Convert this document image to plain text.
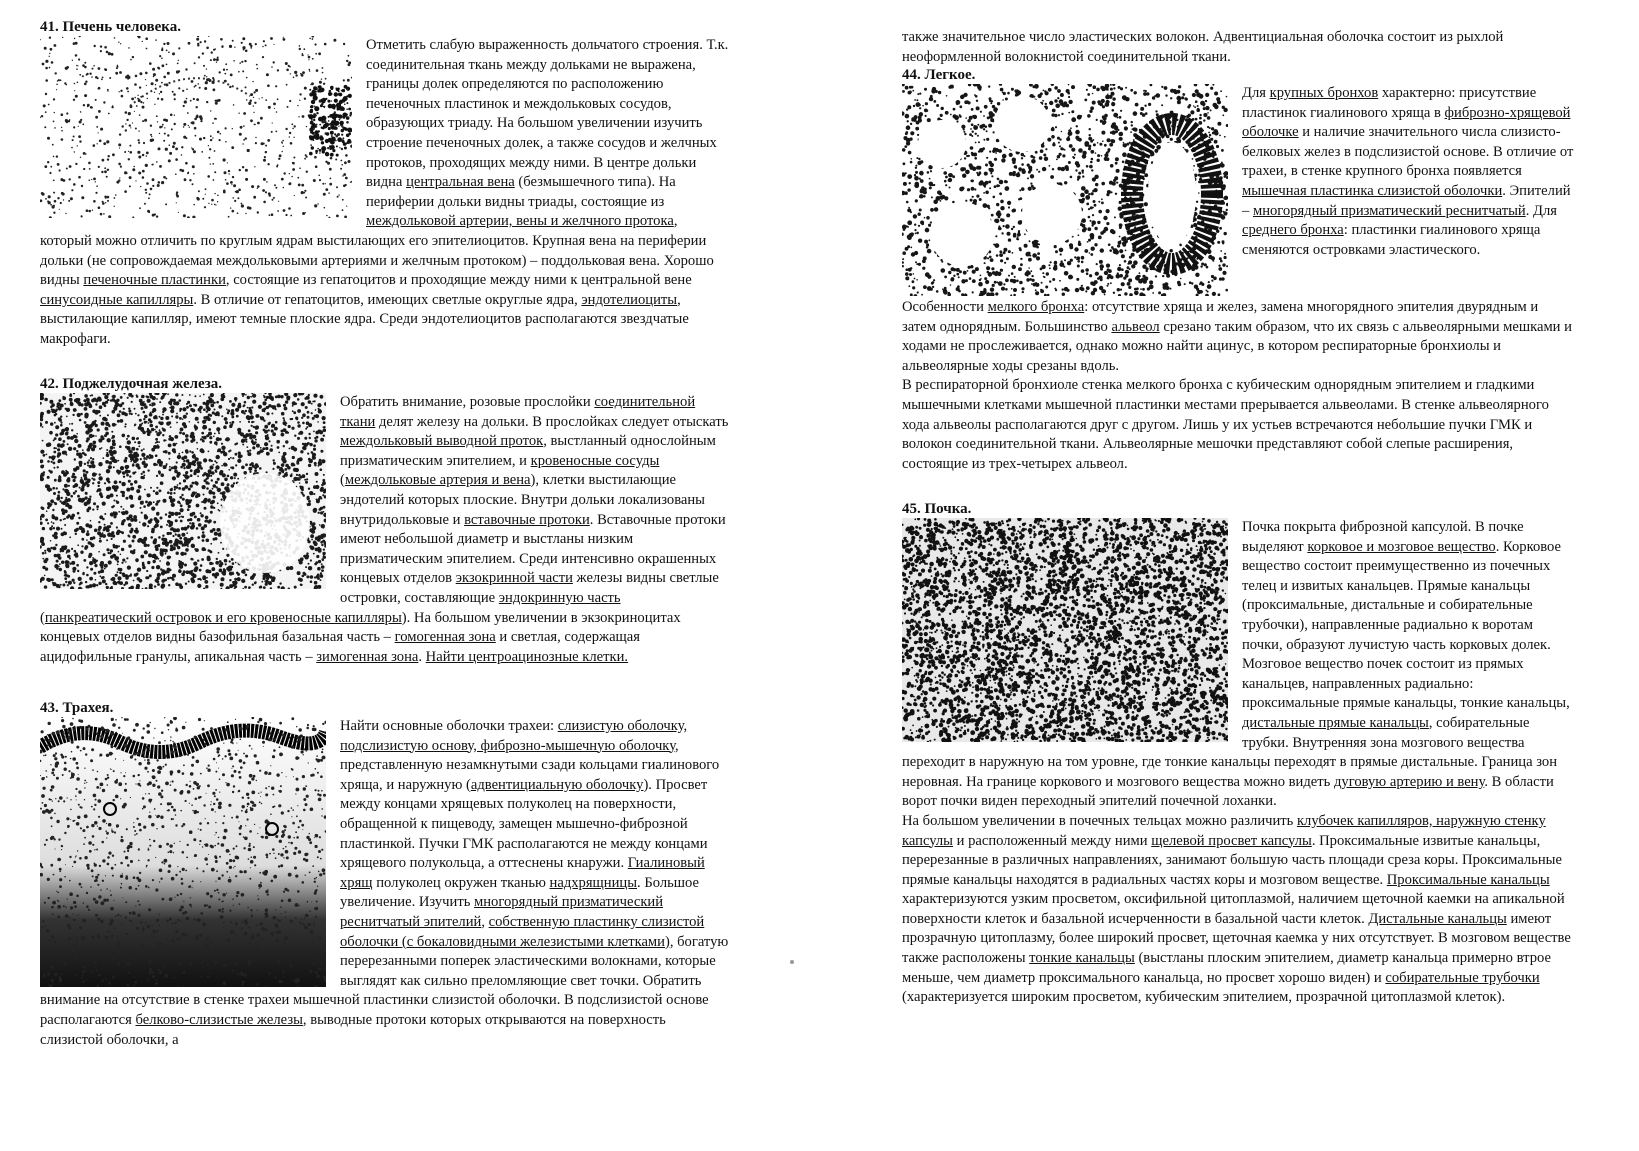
41. Печень человека.

Отметить слабую выраженность дольчатого строения. Т.к. соединительная ткань между дольками не выражена, границы долек определяются по расположению печеночных пластинок и междольковых сосудов, образующих триаду. На большом увеличении изучить строение печеночных долек, а также сосудов и желчных протоков, проходящих между ними. В центре дольки видна центральная вена (безмышечного типа). На периферии дольки видны триады, состоящие из междольковой артерии, вены и желчного протока, который можно отличить по круглым ядрам выстилающих его эпителиоцитов. Крупная вена на периферии дольки (не сопровождаемая междольковыми артериями и желчным протоком) – поддольковая вена. Хорошо видны печеночные пластинки, состоящие из гепатоцитов и проходящие между ними к центральной вене синусоидные капилляры. В отличие от гепатоцитов, имеющих светлые округлые ядра, эндотелиоциты, выстилающие капилляр, имеют темные плоские ядра. Среди эндотелиоцитов располагаются звездчатые макрофаги.

42. Поджелудочная железа.

Обратить внимание, розовые прослойки соединительной ткани делят железу на дольки. В прослойках следует отыскать междольковый выводной проток, выстланный однослойным призматическим эпителием, и кровеносные сосуды (междольковые артерия и вена), клетки выстилающие эндотелий которых плоские. Внутри дольки локализованы внутридольковые и вставочные протоки. Вставочные протоки имеют небольшой диаметр и выстланы низким призматическим эпителием. Среди интенсивно окрашенных концевых отделов экзокринной части железы видны светлые островки, составляющие эндокринную часть (панкреатический островок и его кровеносные капилляры). На большом увеличении в экзокриноцитах концевых отделов видны базофильная базальная часть – гомогенная зона и светлая, содержащая ацидофильные гранулы, апикальная часть – зимогенная зона. Найти центроацинозные клетки.

43. Трахея.

Найти основные оболочки трахеи: слизистую оболочку, подслизистую основу, фиброзно-мышечную оболочку, представленную незамкнутыми сзади кольцами гиалинового хряща, и наружную (адвентициальную оболочку). Просвет между концами хрящевых полуколец на поверхности, обращенной к пищеводу, замещен мышечно-фиброзной пластинкой. Пучки ГМК располагаются не между концами хрящевого полукольца, а оттеснены кнаружи. Гиалиновый хрящ полуколец окружен тканью надхрящницы. Большое увеличение. Изучить многорядный призматический реснитчатый эпителий, собственную пластинку слизистой оболочки (с бокаловидными железистыми клетками), богатую перерезанными поперек эластическими волокнами, которые выглядят как сильно преломляющие свет точки. Обратить внимание на отсутствие в стенке трахеи мышечной пластинки слизистой оболочки. В подслизистой основе располагаются белково-слизистые железы, выводные протоки которых открываются на поверхность слизистой оболочки, а

также значительное число эластических волокон. Адвентициальная оболочка состоит из рыхлой неоформленной волокнистой соединительной ткани.

44. Легкое.

Для крупных бронхов характерно: присутствие пластинок гиалинового хряща в фиброзно-хрящевой оболочке и наличие значительного числа слизисто-белковых желез в подслизистой основе. В отличие от трахеи, в стенке крупного бронха появляется мышечная пластинка слизистой оболочки. Эпителий – многорядный призматический реснитчатый. Для среднего бронха: пластинки гиалинового хряща сменяются островками эластического.

Особенности мелкого бронха: отсутствие хряща и желез, замена многорядного эпителия двурядным и затем однорядным. Большинство альвеол срезано таким образом, что их связь с альвеолярными мешками и ходами не прослеживается, однако можно найти ацинус, в котором респираторные бронхиолы и альвеолярные ходы срезаны вдоль.

В респираторной бронхиоле стенка мелкого бронха с кубическим однорядным эпителием и гладкими мышечными клетками мышечной пластинки местами прерывается альвеолами. В стенке альвеолярного хода альвеолы располагаются друг с другом. Лишь у их устьев встречаются небольшие пучки ГМК и волокон соединительной ткани. Альвеолярные мешочки представляют собой слепые расширения, состоящие из трех-четырех альвеол.

45. Почка.

Почка покрыта фиброзной капсулой. В почке выделяют корковое и мозговое вещество. Корковое вещество состоит преимущественно из почечных телец и извитых канальцев. Прямые канальцы (проксимальные, дистальные и собирательные трубочки), направленные радиально к воротам почки, образуют лучистую часть корковых долек. Мозговое вещество почек состоит из прямых канальцев, направленных радиально: проксимальные прямые канальцы, тонкие канальцы, дистальные прямые канальцы, собирательные трубки. Внутренняя зона мозгового вещества переходит в наружную на том уровне, где тонкие канальцы переходят в прямые дистальные. Граница зон неровная. На границе коркового и мозгового вещества можно видеть дуговую артерию и вену. В области ворот почки виден переходный эпителий почечной лоханки.

На большом увеличении в почечных тельцах можно различить клубочек капилляров, наружную стенку капсулы и расположенный между ними щелевой просвет капсулы. Проксимальные извитые канальцы, перерезанные в различных направлениях, занимают большую часть площади среза коры. Проксимальные прямые канальцы находятся в радиальных частях коры и мозговом веществе. Проксимальные канальцы характеризуются узким просветом, оксифильной цитоплазмой, наличием щеточной каемки на апикальной поверхности клеток и базальной исчерченности в базальной части клеток. Дистальные канальцы имеют прозрачную цитоплазму, более широкий просвет, щеточная каемка у них отсутствует. В мозговом веществе также расположены тонкие канальцы (выстланы плоским эпителием, диаметр канальца примерно втрое меньше, чем диаметр проксимального канальца, но просвет хорошо виден) и собирательные трубочки (характеризуется широким просветом, кубическим эпителием, прозрачной цитоплазмой клеток).
